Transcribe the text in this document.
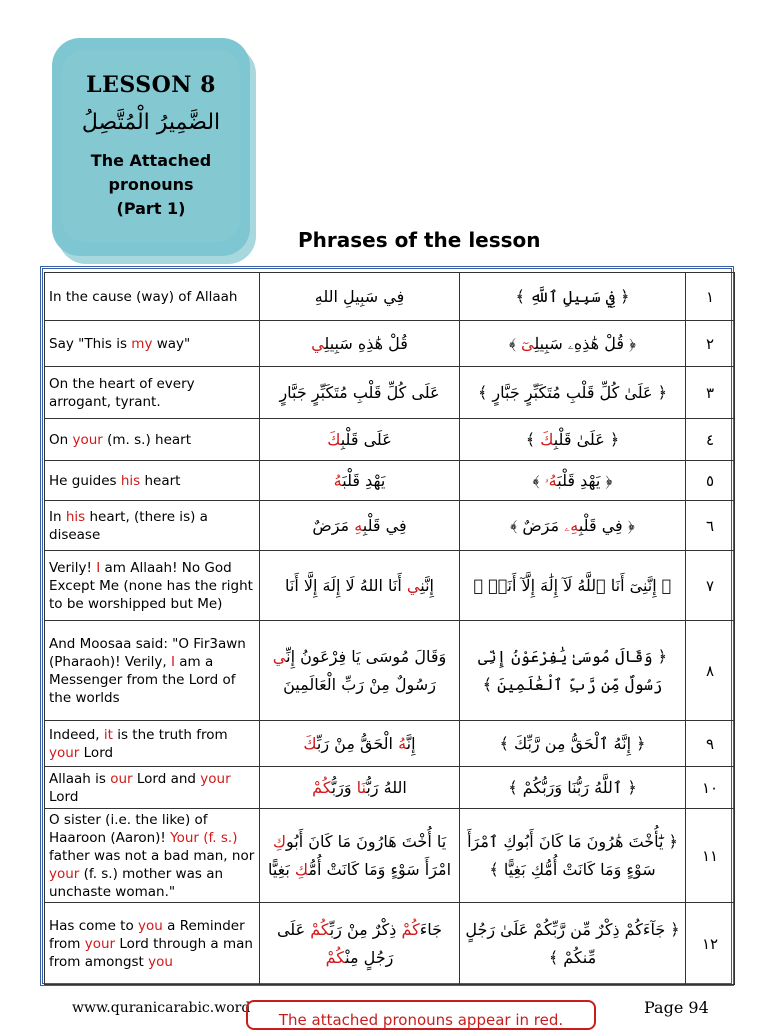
LESSON 8
الضَّمِيرُ الْمُتَّصِلُ
The Attached
pronouns
(Part 1)
Phrases of the lesson
In the cause (way) of Allaah	فِي سَبِيلِ اللهِ	﴿ فِي سَبِيلِ ٱللَّهِ ﴾	١
Say "This is my way"	قُلْ هَٰذِهِ سَبِيلِي	﴿ قُلْ هَٰذِهِۦ سَبِيلِىٓ ﴾	٢
On the heart of every arrogant, tyrant.	عَلَى كُلِّ قَلْبِ مُتَكَبِّرٍ جَبَّارٍ	﴿ عَلَىٰ كُلِّ قَلْبِ مُتَكَبِّرٍ جَبَّارٍ ﴾	٣
On your (m. s.) heart	عَلَى قَلْبِكَ	﴿ عَلَىٰ قَلْبِكَ ﴾	٤
He guides his heart	يَهْدِ قَلْبَهُ	﴿ يَهْدِ قَلْبَهُۥ ﴾	٥
In his heart, (there is) a disease	فِي قَلْبِهِ مَرَضٌ	﴿ فِي قَلْبِهِۦ مَرَضٌ ﴾	٦
Verily! I am Allaah! No God Except Me (none has the right to be worshipped but Me)	إِنَّنِي أَنَا اللهُ لَا إِلَهَ إِلَّا أَنَا	﴿ إِنَّنِىٓ أَنَا ٱللَّهُ لَآ إِلَٰهَ إِلَّآ أَنَا۠ ﴾	٧
And Moosaa said: "O Fir3awn (Pharaoh)! Verily, I am a Messenger from the Lord of the worlds	وَقَالَ مُوسَى يَا فِرْعَونُ إِنِّي رَسُولٌ مِنْ رَبِّ الْعَالَمِينَ	﴿ وَقَالَ مُوسَىٰ يَٰفِرْعَوْنُ إِنِّى رَسُولٌ مِّن رَّبِّ ٱلْعَٰلَمِينَ ﴾	٨
Indeed, it is the truth from your Lord	إِنَّهُ الْحَقُّ مِنْ رَبِّكَ	﴿ إِنَّهُ ٱلْحَقُّ مِن رَّبِّكَ ﴾	٩
Allaah is our Lord and your Lord	اللهُ رَبُّنَا وَرَبُّكُمْ	﴿ ٱللَّهُ رَبُّنَا وَرَبُّكُمْ ﴾	١٠
O sister (i.e. the like) of Haaroon (Aaron)! Your (f. s.) father was not a bad man, nor your (f. s.) mother was an unchaste woman."	يَا أُخْتَ هَارُونَ مَا كَانَ أَبُوكِ امْرَأَ سَوْءٍ وَمَا كَانَتْ أُمُّكِ بَغِيًّا	﴿ يَٰٓأُخْتَ هَٰرُونَ مَا كَانَ أَبُوكِ ٱمْرَأَ سَوْءٍ وَمَا كَانَتْ أُمُّكِ بَغِيًّا ﴾	١١
Has come to you a Reminder from your Lord through a man from amongst you	جَاءَكُمْ ذِكْرٌ مِنْ رَبِّكُمْ عَلَى رَجُلٍ مِنْكُمْ	﴿ جَآءَكُمْ ذِكْرٌ مِّن رَّبِّكُمْ عَلَىٰ رَجُلٍ مِّنكُمْ ﴾	١٢
www.quranicarabic.word
The attached pronouns appear in red.
Page 94
